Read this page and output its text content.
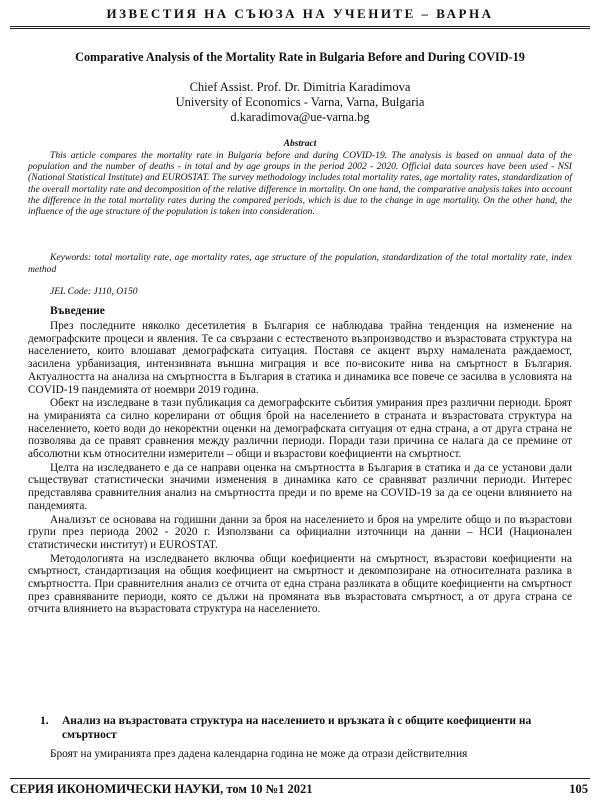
ИЗВЕСТИЯ НА СЪЮЗА НА УЧЕНИТЕ – ВАРНА
Comparative Analysis of the Mortality Rate in Bulgaria Before and During COVID-19
Chief Assist. Prof. Dr. Dimitria Karadimova
University of Economics - Varna, Varna, Bulgaria
d.karadimova@ue-varna.bg
Abstract
This article compares the mortality rate in Bulgaria before and during COVID-19. The analysis is based on annual data of the population and the number of deaths - in total and by age groups in the period 2002 - 2020. Official data sources have been used - NSI (National Statistical Institute) and EUROSTAT. The survey methodology includes total mortality rates, age mortality rates, standardization of the overall mortality rate and decomposition of the relative difference in mortality. On one hand, the comparative analysis takes into account the difference in the total mortality rates during the compared periods, which is due to the change in age mortality. On the other hand, the influence of the age structure of the population is taken into consideration.
Keywords: total mortality rate, age mortality rates, age structure of the population, standardization of the total mortality rate, index method
JEL Code: J110, O150
Въведение

През последните няколко десетилетия в България се наблюдава трайна тенденция на изменение на демографските процеси и явления. Те са свързани с естественото възпроизводство и възрастовата структура на населението, които влошават демографската ситуация. Поставя се акцент върху намалената раждаемост, засилена урбанизация, интензивната външна миграция и все по-високите нива на смъртност в България. Актуалността на анализа на смъртността в България в статика и динамика все повече се засилва в условията на COVID-19 пандемията от ноември 2019 година.

Обект на изследване в тази публикация са демографските събития умирания през различни периоди. Броят на умиранията са силно корелирани от общия брой на населението в страната и възрастовата структура на населението, което води до некоректни оценки на демографската ситуация от една страна, а от друга страна не позволява да се правят сравнения между различни периоди. Поради тази причина се налага да се премине от абсолютни към относителни измерители – общи и възрастови коефициенти на смъртност.

Целта на изследването е да се направи оценка на смъртността в България в статика и да се установи дали съществуват статистически значими изменения в динамика като се сравняват различни периоди. Интерес представлява сравнителния анализ на смъртността преди и по време на COVID-19 за да се оцени влиянието на пандемията.

Анализът се основава на годишни данни за броя на населението и броя на умрелите общо и по възрастови групи през периода 2002 - 2020 г. Използвани са официални източници на данни – НСИ (Национален статистически институт) и EUROSTAT.

Методологията на изследването включва общи коефициенти на смъртност, възрастови коефициенти на смъртност, стандартизация на общия коефициент на смъртност и декомпозиране на относителната разлика в смъртността. При сравнителния анализ се отчита от една страна разликата в общите коефициенти на смъртност през сравняваните периоди, която се дължи на промяната във възрастовата смъртност, а от друга страна се отчита влиянието на възрастовата структура на населението.

1.	Анализ на възрастовата структура на населението и връзката ѝ с общите коефициенти на смъртност
Броят на умиранията през дадена календарна година не може да отрази действителния
СЕРИЯ ИКОНОМИЧЕСКИ НАУКИ, том 10 №1 2021	105
